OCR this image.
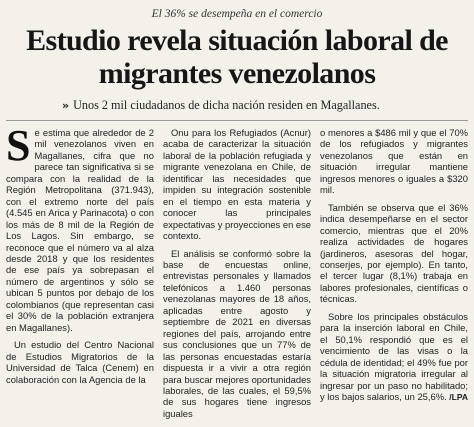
El 36% se desempeña en el comercio
Estudio revela situación laboral de migrantes venezolanos
» Unos 2 mil ciudadanos de dicha nación residen en Magallanes.

Se estima que alrededor de 2 mil venezolanos viven en Magallanes, cifra que no parece tan significativa si se compara con la realidad de la Región Metropolitana (371.943), con el extremo norte del país (4.545 en Arica y Parinacota) o con los más de 8 mil de la Región de Los Lagos. Sin embargo, se reconoce que el número va al alza desde 2018 y que los residentes de ese país ya sobrepasan el número de argentinos y sólo se ubican 5 puntos por debajo de los colombianos (que representan casi el 30% de la población extranjera en Magallanes).

Un estudio del Centro Nacional de Estudios Migratorios de la Universidad de Talca (Cenem) en colaboración con la Agencia de la

Onu para los Refugiados (Acnur) acaba de caracterizar la situación laboral de la población refugiada y migrante venezolana en Chile, de identificar las necesidades que impiden su integración sostenible en el tiempo en esta materia y conocer las principales expectativas y proyecciones en ese contexto.

El análisis se conformó sobre la base de encuestas online, entrevistas personales y llamados telefónicos a 1.460 personas venezolanas mayores de 18 años, aplicadas entre agosto y septiembre de 2021 en diversas regiones del país, arrojando entre sus conclusiones que un 77% de las personas encuestadas estaría dispuesta ir a vivir a otra región para buscar mejores oportunidades laborales, de las cuales, el 59,5% de sus hogares tiene ingresos iguales

o menores a $486 mil y que el 70% de los refugiados y migrantes venezolanos que están en situación irregular mantiene ingresos menores o iguales a $320 mil.

También se observa que el 36% indica desempeñarse en el sector comercio, mientras que el 20% realiza actividades de hogares (jardineros, asesoras del hogar, conserjes, por ejemplo). En tanto, el tercer lugar (8,1%) trabaja en labores profesionales, científicas o técnicas.

Sobre los principales obstáculos para la inserción laboral en Chile, el 50,1% respondió que es el vencimiento de las visas o la cédula de identidad; el 49% fue por la situación migratoria irregular al ingresar por un paso no habilitado; y los bajos salarios, un 25,6%. /LPA
